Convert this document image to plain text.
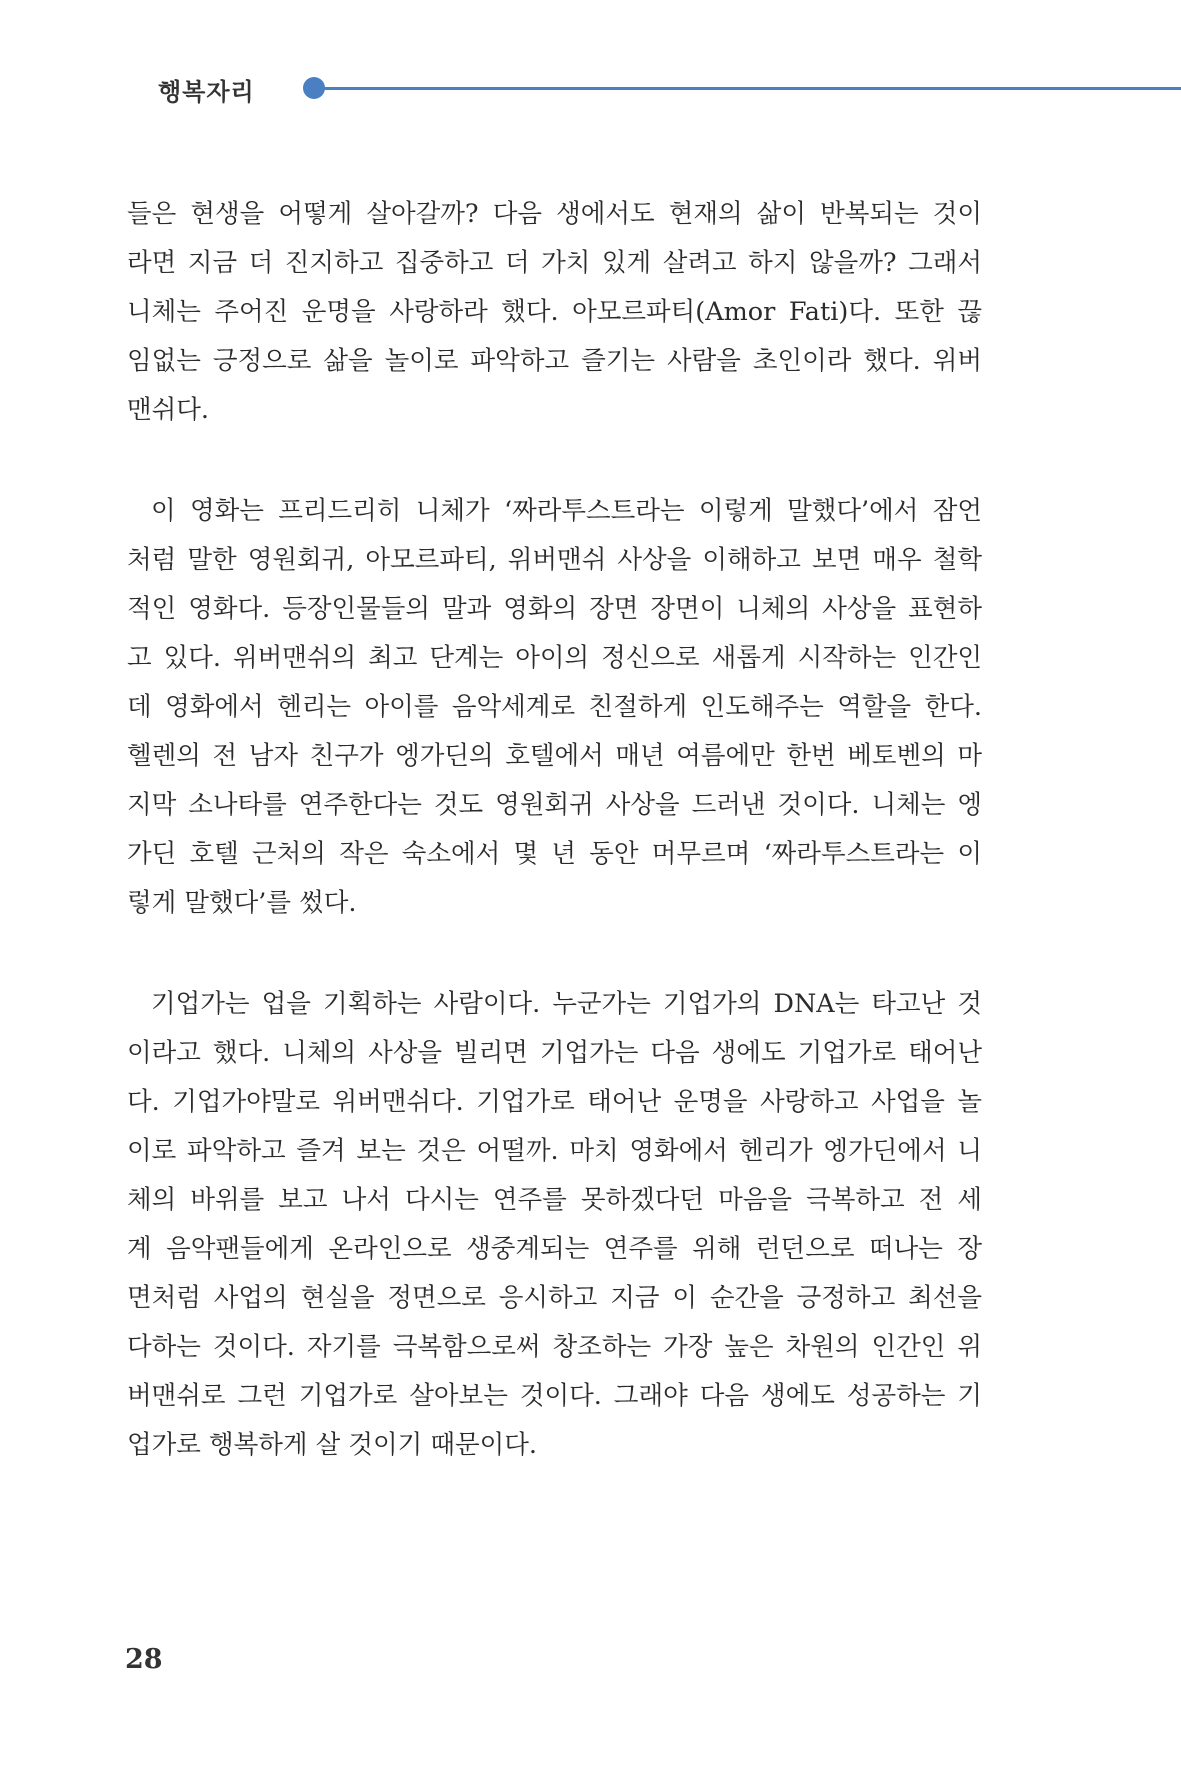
행복자리
들은 현생을 어떻게 살아갈까? 다음 생에서도 현재의 삶이 반복되는 것이
라면 지금 더 진지하고 집중하고 더 가치 있게 살려고 하지 않을까? 그래서
니체는 주어진 운명을 사랑하라 했다. 아모르파티(Amor Fati)다. 또한 끊
임없는 긍정으로 삶을 놀이로 파악하고 즐기는 사람을 초인이라 했다. 위버
맨쉬다.
이 영화는 프리드리히 니체가 ‘짜라투스트라는 이렇게 말했다’에서 잠언
처럼 말한 영원회귀, 아모르파티, 위버맨쉬 사상을 이해하고 보면 매우 철학
적인 영화다. 등장인물들의 말과 영화의 장면 장면이 니체의 사상을 표현하
고 있다. 위버맨쉬의 최고 단계는 아이의 정신으로 새롭게 시작하는 인간인
데 영화에서 헨리는 아이를 음악세계로 친절하게 인도해주는 역할을 한다.
헬렌의 전 남자 친구가 엥가딘의 호텔에서 매년 여름에만 한번 베토벤의 마
지막 소나타를 연주한다는 것도 영원회귀 사상을 드러낸 것이다. 니체는 엥
가딘 호텔 근처의 작은 숙소에서 몇 년 동안 머무르며 ‘짜라투스트라는 이
렇게 말했다’를 썼다.
기업가는 업을 기획하는 사람이다. 누군가는 기업가의 DNA는 타고난 것
이라고 했다. 니체의 사상을 빌리면 기업가는 다음 생에도 기업가로 태어난
다. 기업가야말로 위버맨쉬다. 기업가로 태어난 운명을 사랑하고 사업을 놀
이로 파악하고 즐겨 보는 것은 어떨까. 마치 영화에서 헨리가 엥가딘에서 니
체의 바위를 보고 나서 다시는 연주를 못하겠다던 마음을 극복하고 전 세
계 음악팬들에게 온라인으로 생중계되는 연주를 위해 런던으로 떠나는 장
면처럼 사업의 현실을 정면으로 응시하고 지금 이 순간을 긍정하고 최선을
다하는 것이다. 자기를 극복함으로써 창조하는 가장 높은 차원의 인간인 위
버맨쉬로 그런 기업가로 살아보는 것이다. 그래야 다음 생에도 성공하는 기
업가로 행복하게 살 것이기 때문이다.
28
